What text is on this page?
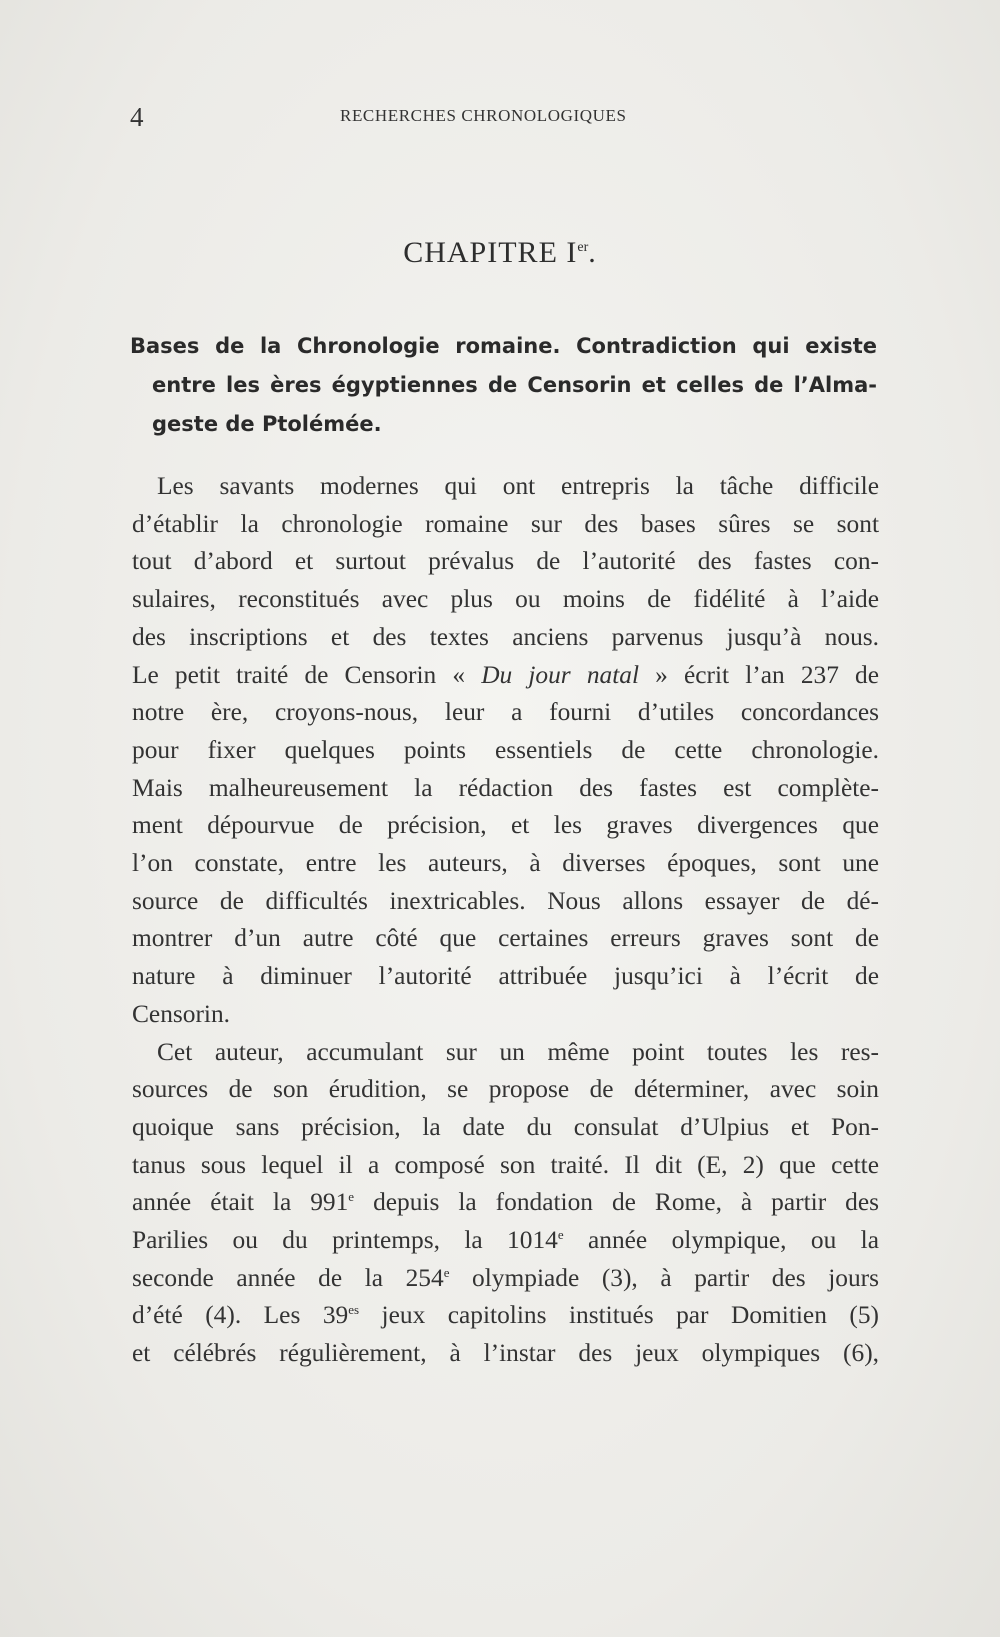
4	RECHERCHES CHRONOLOGIQUES
CHAPITRE Ier.
Bases de la Chronologie romaine. Contradiction qui existe
entre les ères égyptiennes de Censorin et celles de l’Alma-
geste de Ptolémée.
Les savants modernes qui ont entrepris la tâche difficile
d’établir la chronologie romaine sur des bases sûres se sont
tout d’abord et surtout prévalus de l’autorité des fastes con-
sulaires, reconstitués avec plus ou moins de fidélité à l’aide
des inscriptions et des textes anciens parvenus jusqu’à nous.
Le petit traité de Censorin « Du jour natal » écrit l’an 237 de
notre ère, croyons-nous, leur a fourni d’utiles concordances
pour fixer quelques points essentiels de cette chronologie.
Mais malheureusement la rédaction des fastes est complète-
ment dépourvue de précision, et les graves divergences que
l’on constate, entre les auteurs, à diverses époques, sont une
source de difficultés inextricables. Nous allons essayer de dé-
montrer d’un autre côté que certaines erreurs graves sont de
nature à diminuer l’autorité attribuée jusqu’ici à l’écrit de
Censorin.
Cet auteur, accumulant sur un même point toutes les res-
sources de son érudition, se propose de déterminer, avec soin
quoique sans précision, la date du consulat d’Ulpius et Pon-
tanus sous lequel il a composé son traité. Il dit (E, 2) que cette
année était la 991e depuis la fondation de Rome, à partir des
Parilies ou du printemps, la 1014e année olympique, ou la
seconde année de la 254e olympiade (3), à partir des jours
d’été (4). Les $39^{es}$ jeux capitolins institués par Domitien (5)
et célébrés régulièrement, à l’instar des jeux olympiques (6),
